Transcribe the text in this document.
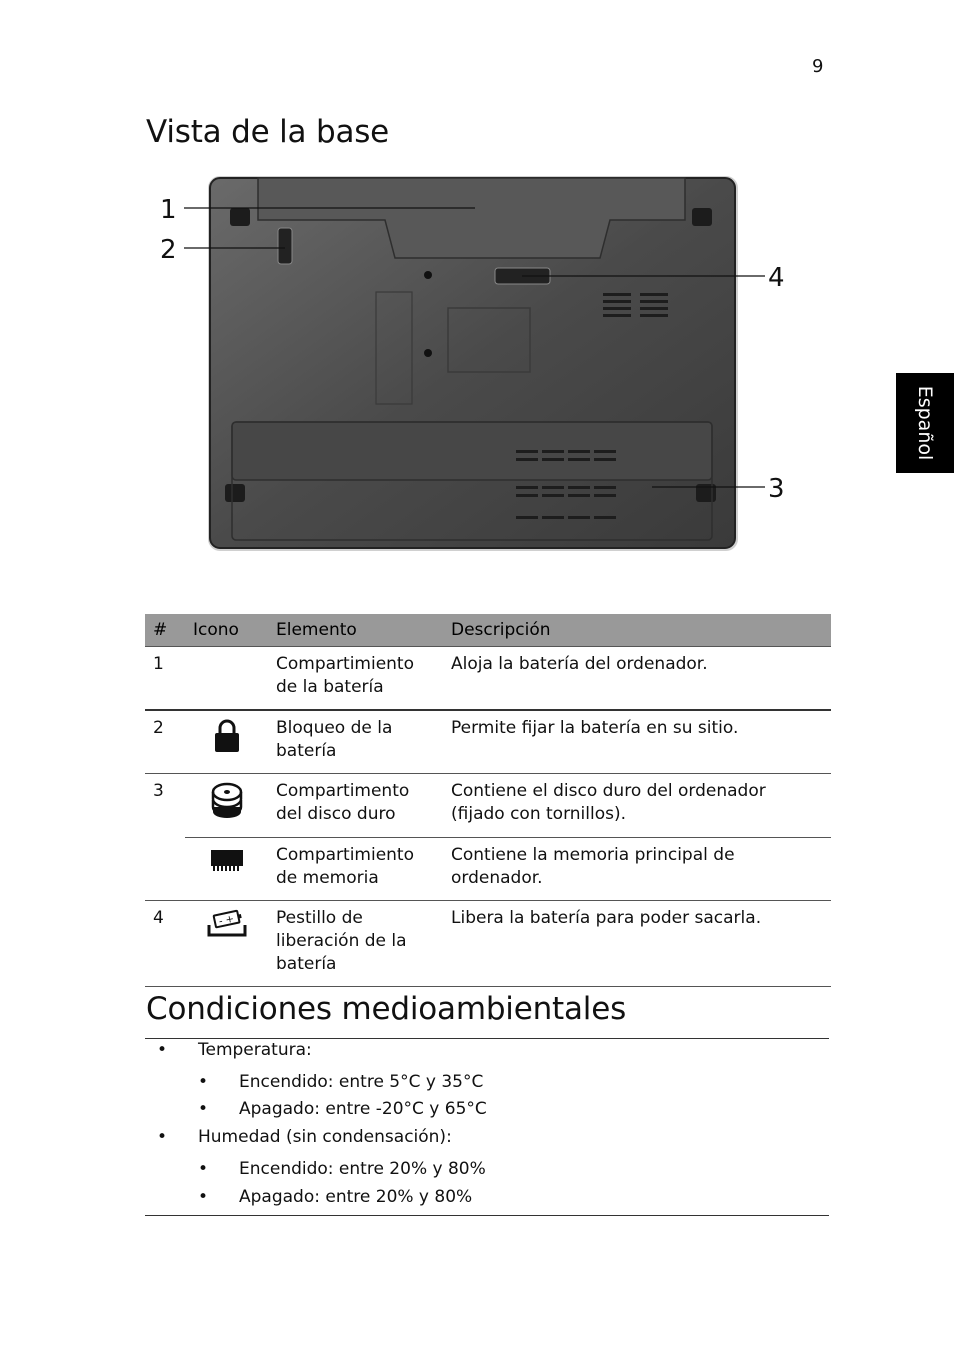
9
Vista de la base
Español
1
2
3
4
#	Icono	Elemento	Descripción
1		Compartimiento de la batería	Aloja la batería del ordenador.
2		Bloqueo de la batería	Permite fijar la batería en su sitio.
3		Compartimento del disco duro	Contiene el disco duro del ordenador (fijado con tornillos).
		Compartimiento de memoria	Contiene la memoria principal de ordenador.
4	- +	Pestillo de liberación de la batería	Libera la batería para poder sacarla.
Condiciones medioambientales
• Temperatura:
• Encendido: entre 5°C y 35°C
• Apagado: entre -20°C y 65°C
• Humedad (sin condensación):
• Encendido: entre 20% y 80%
• Apagado: entre 20% y 80%
